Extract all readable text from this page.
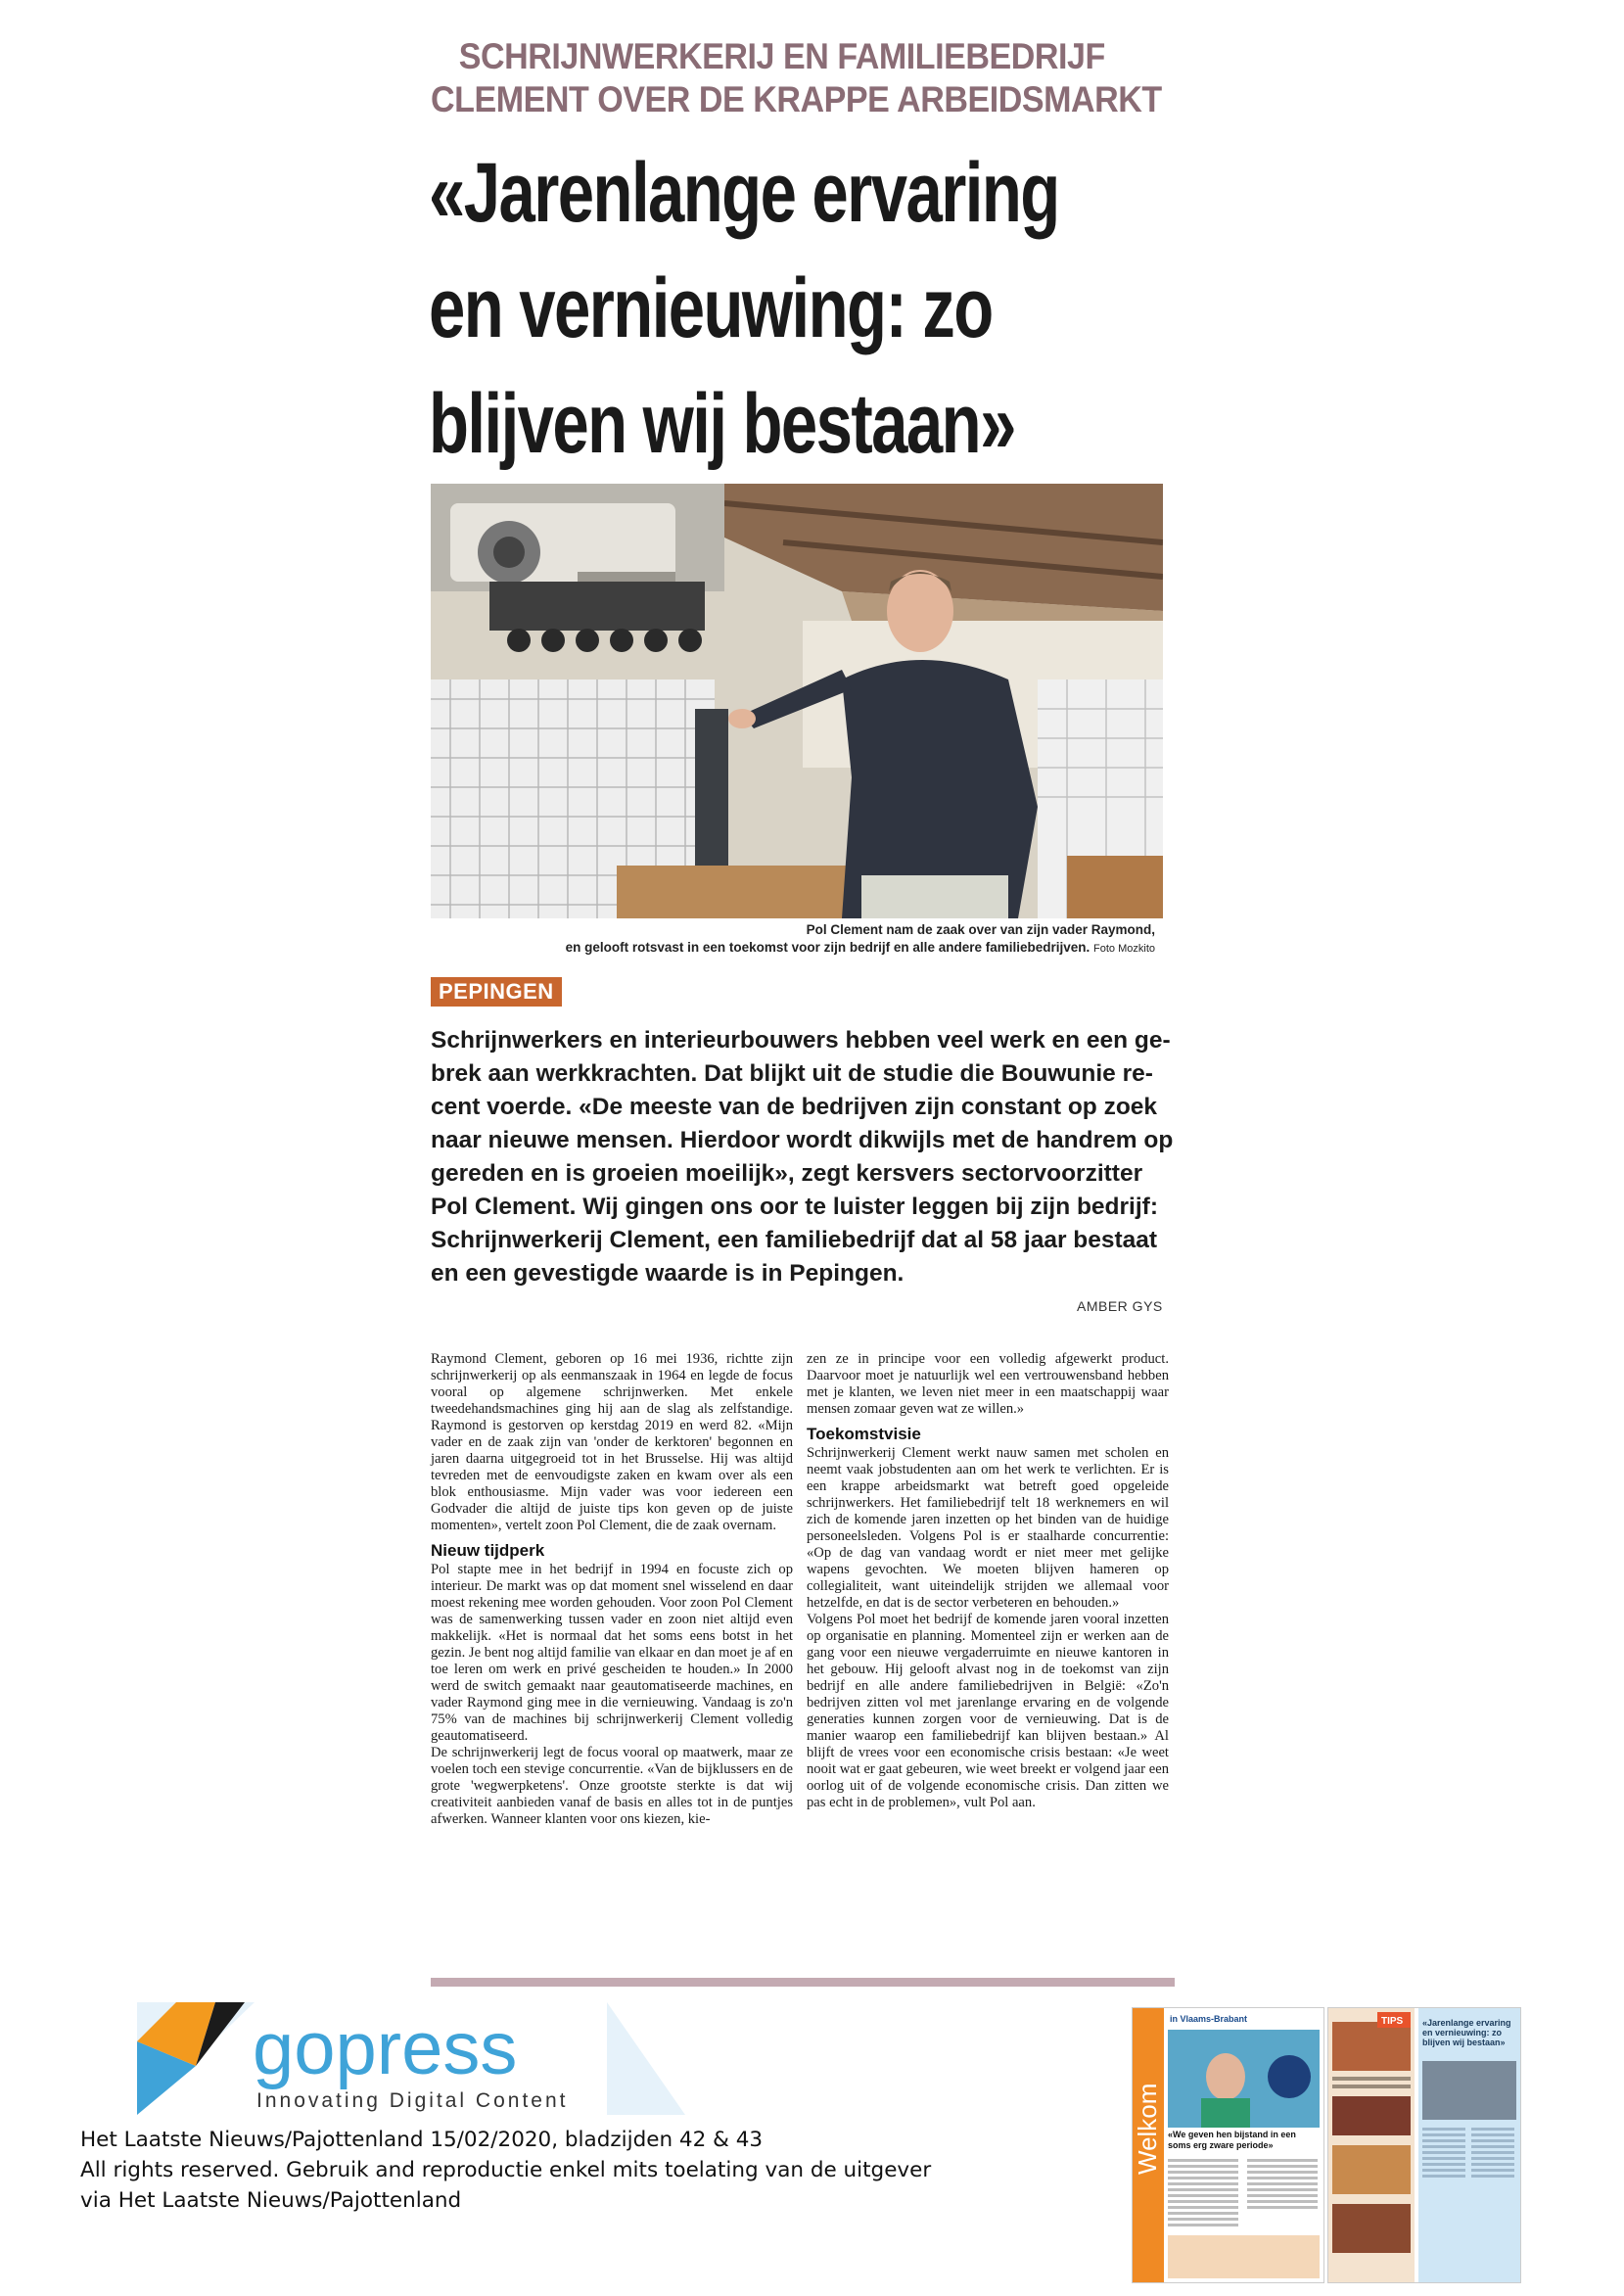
SCHRIJNWERKERIJ EN FAMILIEBEDRIJF
CLEMENT OVER DE KRAPPE ARBEIDSMARKT
«Jarenlange ervaring
en vernieuwing: zo
blijven wij bestaan»
Pol Clement nam de zaak over van zijn vader Raymond,
en gelooft rotsvast in een toekomst voor zijn bedrijf en alle andere familiebedrijven. Foto Mozkito
PEPINGEN
Schrijnwerkers en interieurbouwers hebben veel werk en een ge-
brek aan werkkrachten. Dat blijkt uit de studie die Bouwunie re-
cent voerde. «De meeste van de bedrijven zijn constant op zoek
naar nieuwe mensen. Hierdoor wordt dikwijls met de handrem op
gereden en is groeien moeilijk», zegt kersvers sectorvoorzitter
Pol Clement. Wij gingen ons oor te luister leggen bij zijn bedrijf:
Schrijnwerkerij Clement, een familiebedrijf dat al 58 jaar bestaat
en een gevestigde waarde is in Pepingen.
AMBER GYS

Raymond Clement, geboren op 16 mei 1936, richtte zijn schrijnwerkerij op als eenmanszaak in 1964 en legde de focus vooral op algemene schrijnwerken. Met enkele tweedehandsmachines ging hij aan de slag als zelfstandige. Raymond is gestorven op kerstdag 2019 en werd 82. «Mijn vader en de zaak zijn van 'onder de kerktoren' begonnen en jaren daarna uitgegroeid tot in het Brusselse. Hij was altijd tevreden met de eenvoudigste zaken en kwam over als een blok enthousiasme. Mijn vader was voor iedereen een Godvader die altijd de juiste tips kon geven op de juiste momenten», vertelt zoon Pol Clement, die de zaak overnam.

Nieuw tijdperk

Pol stapte mee in het bedrijf in 1994 en focuste zich op interieur. De markt was op dat moment snel wisselend en daar moest rekening mee worden gehouden. Voor zoon Pol Clement was de samenwerking tussen vader en zoon niet altijd even makkelijk. «Het is normaal dat het soms eens botst in het gezin. Je bent nog altijd familie van elkaar en dan moet je af en toe leren om werk en privé gescheiden te houden.» In 2000 werd de switch gemaakt naar geautomatiseerde machines, en vader Raymond ging mee in die vernieuwing. Vandaag is zo'n 75% van de machines bij schrijnwerkerij Clement volledig geautomatiseerd.

De schrijnwerkerij legt de focus vooral op maatwerk, maar ze voelen toch een stevige concurrentie. «Van de bijklussers en de grote 'wegwerpketens'. Onze grootste sterkte is dat wij creativiteit aanbieden vanaf de basis en alles tot in de puntjes afwerken. Wanneer klanten voor ons kiezen, kie-

zen ze in principe voor een volledig afgewerkt product. Daarvoor moet je natuurlijk wel een vertrouwensband hebben met je klanten, we leven niet meer in een maatschappij waar mensen zomaar geven wat ze willen.»

Toekomstvisie

Schrijnwerkerij Clement werkt nauw samen met scholen en neemt vaak jobstudenten aan om het werk te verlichten. Er is een krappe arbeidsmarkt wat betreft goed opgeleide schrijnwerkers. Het familiebedrijf telt 18 werknemers en wil zich de komende jaren inzetten op het binden van de huidige personeelsleden. Volgens Pol is er staalharde concurrentie: «Op de dag van vandaag wordt er niet meer met gelijke wapens gevochten. We moeten blijven hameren op collegialiteit, want uiteindelijk strijden we allemaal voor hetzelfde, en dat is de sector verbeteren en behouden.»

Volgens Pol moet het bedrijf de komende jaren vooral inzetten op organisatie en planning. Momenteel zijn er werken aan de gang voor een nieuwe vergaderruimte en nieuwe kantoren in het gebouw. Hij gelooft alvast nog in de toekomst van zijn bedrijf en alle andere familiebedrijven in België: «Zo'n bedrijven zitten vol met jarenlange ervaring en de volgende generaties kunnen zorgen voor de vernieuwing. Dat is de manier waarop een familiebedrijf kan blijven bestaan.» Al blijft de vrees voor een economische crisis bestaan: «Je weet nooit wat er gaat gebeuren, wie weet breekt er volgend jaar een oorlog uit of de volgende economische crisis. Dan zitten we pas echt in de problemen», vult Pol aan.

gopress
Innovating Digital Content
Het Laatste Nieuws/Pajottenland 15/02/2020, bladzijden 42 & 43
All rights reserved. Gebruik and reproductie enkel mits toelating van de uitgever
via Het Laatste Nieuws/Pajottenland
Welkom
in Vlaams-Brabant
«We geven hen bijstand in een soms erg zware periode»
TIPS «Jarenlange ervaring en vernieuwing: zo blijven wij bestaan»
